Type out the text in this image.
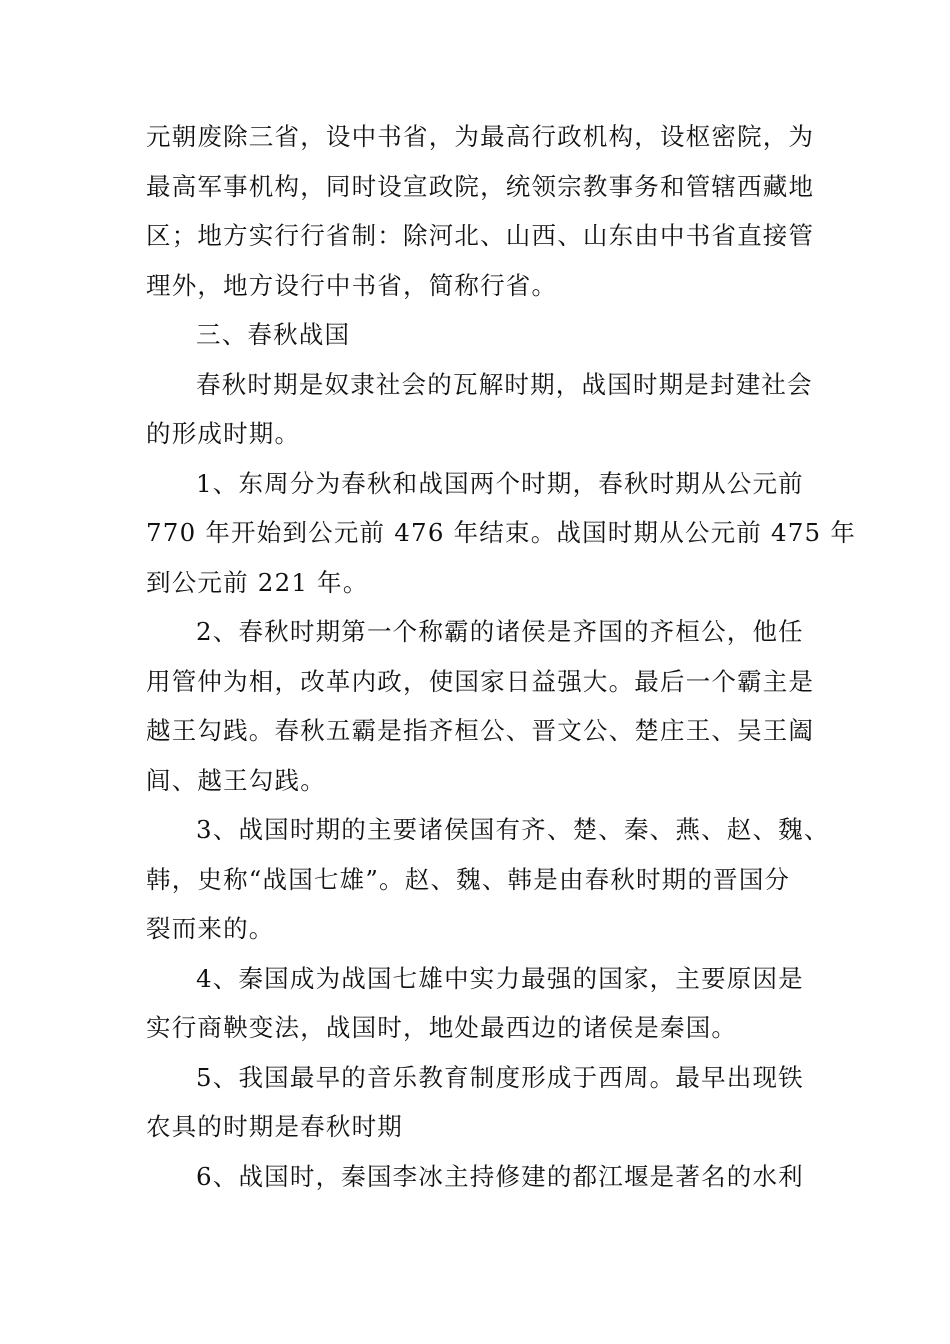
元朝废除三省，设中书省，为最高行政机构，设枢密院，为
最高军事机构，同时设宣政院，统领宗教事务和管辖西藏地
区；地方实行行省制：除河北、山西、山东由中书省直接管
理外，地方设行中书省，简称行省。
三、春秋战国
春秋时期是奴隶社会的瓦解时期，战国时期是封建社会
的形成时期。
1、东周分为春秋和战国两个时期，春秋时期从公元前
770 年开始到公元前 476 年结束。战国时期从公元前 475 年
到公元前 221 年。
2、春秋时期第一个称霸的诸侯是齐国的齐桓公，他任
用管仲为相，改革内政，使国家日益强大。最后一个霸主是
越王勾践。春秋五霸是指齐桓公、晋文公、楚庄王、吴王阖
闾、越王勾践。
3、战国时期的主要诸侯国有齐、楚、秦、燕、赵、魏、
韩，史称“战国七雄”。赵、魏、韩是由春秋时期的晋国分
裂而来的。
4、秦国成为战国七雄中实力最强的国家，主要原因是
实行商鞅变法，战国时，地处最西边的诸侯是秦国。
5、我国最早的音乐教育制度形成于西周。最早出现铁
农具的时期是春秋时期
6、战国时，秦国李冰主持修建的都江堰是著名的水利
